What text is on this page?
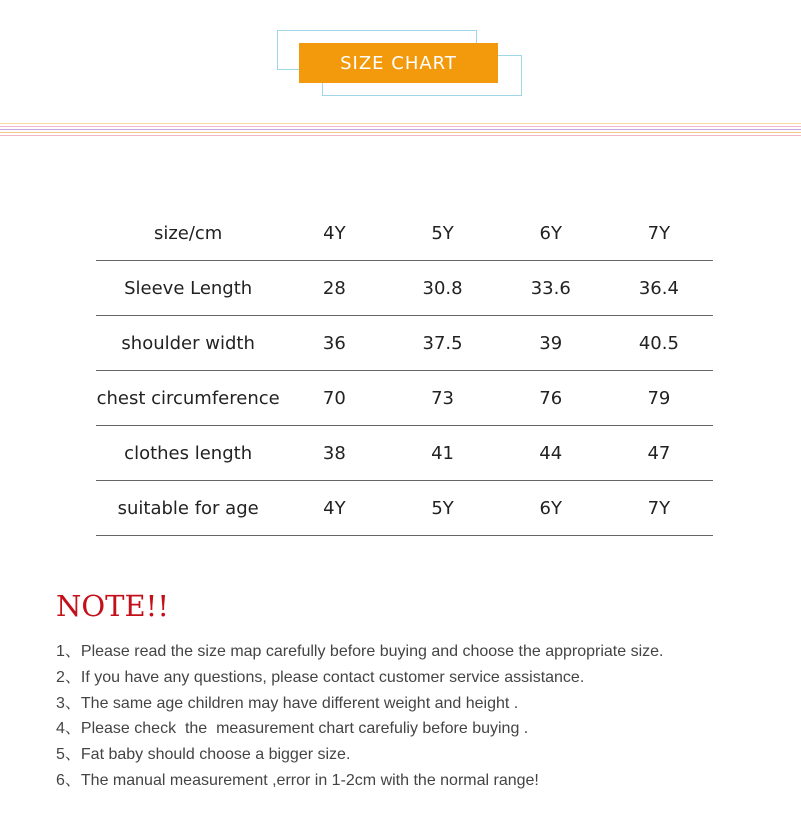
SIZE CHART
size/cm	4Y	5Y	6Y	7Y
Sleeve Length	28	30.8	33.6	36.4
shoulder width	36	37.5	39	40.5
chest circumference	70	73	76	79
clothes length	38	41	44	47
suitable for age	4Y	5Y	6Y	7Y
NOTE!!
1、Please read the size map carefully before buying and choose the appropriate size.
2、If you have any questions, please contact customer service assistance.
3、The same age children may have different weight and height .
4、Please check  the  measurement chart carefuliy before buying .
5、Fat baby should choose a bigger size.
6、The manual measurement ,error in 1-2cm with the normal range!
